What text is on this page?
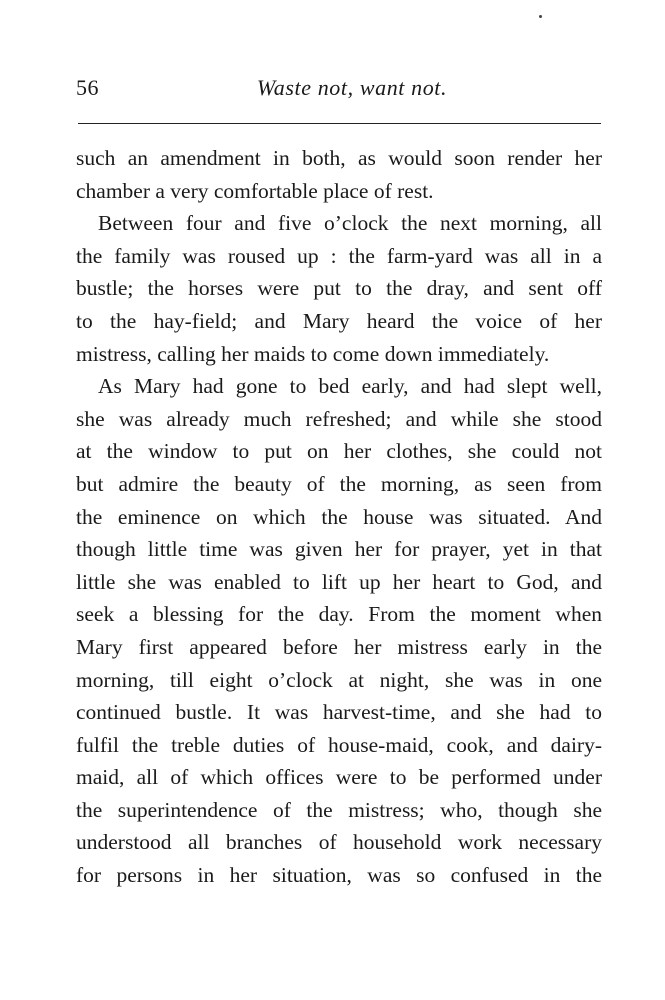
56	Waste not, want not.
such an amendment in both, as would soon render her
chamber a very comfortable place of rest.
Between four and five o’clock the next morning, all
the family was roused up : the farm-yard was all in a
bustle; the horses were put to the dray, and sent off
to the hay-field; and Mary heard the voice of her
mistress, calling her maids to come down immediately.
As Mary had gone to bed early, and had slept well,
she was already much refreshed; and while she stood
at the window to put on her clothes, she could not
but admire the beauty of the morning, as seen from
the eminence on which the house was situated. And
though little time was given her for prayer, yet in that
little she was enabled to lift up her heart to God, and
seek a blessing for the day. From the moment when
Mary first appeared before her mistress early in the
morning, till eight o’clock at night, she was in one
continued bustle. It was harvest-time, and she had to
fulfil the treble duties of house-maid, cook, and dairy-
maid, all of which offices were to be performed under
the superintendence of the mistress; who, though she
understood all branches of household work necessary
for persons in her situation, was so confused in the
